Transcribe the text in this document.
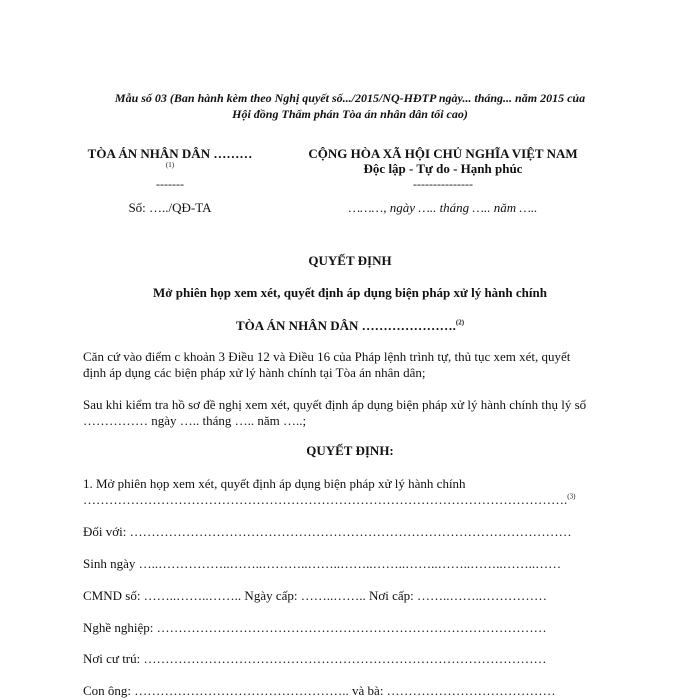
Mẫu số 03 (Ban hành kèm theo Nghị quyết số.../2015/NQ-HĐTP ngày... tháng... năm 2015 của
Hội đồng Thẩm phán Tòa án nhân dân tối cao)
TÒA ÁN NHÂN DÂN ………
(1)
-------
Số: …../QĐ-TA
CỘNG HÒA XÃ HỘI CHỦ NGHĨA VIỆT NAM
Độc lập - Tự do - Hạnh phúc
---------------
………, ngày ….. tháng ….. năm …..
QUYẾT ĐỊNH
Mở phiên họp xem xét, quyết định áp dụng biện pháp xử lý hành chính
TÒA ÁN NHÂN DÂN ………………….$^{(2)}$
Căn cứ vào điểm c khoản 3 Điều 12 và Điều 16 của Pháp lệnh trình tự, thủ tục xem xét, quyết
định áp dụng các biện pháp xử lý hành chính tại Tòa án nhân dân;
Sau khi kiểm tra hồ sơ đề nghị xem xét, quyết định áp dụng biện pháp xử lý hành chính thụ lý số
…………… ngày ….. tháng ….. năm …..;
QUYẾT ĐỊNH:
1. Mở phiên họp xem xét, quyết định áp dụng biện pháp xử lý hành chính
………………………………………………………………………………………………….$^{(3)}$
Đối với: …………………………………………………………………………………………
Sinh ngày …..……………..……..………..……..……..……..……..……..……..……..……
CMND số: ……..……..…….. Ngày cấp: ……..…….. Nơi cấp: ……..……..……………
Nghề nghiệp: ………………………………………………………………………………
Nơi cư trú: …………………………………………………………………………………
Con ông: ………………………………………….. và bà: …………………………………
